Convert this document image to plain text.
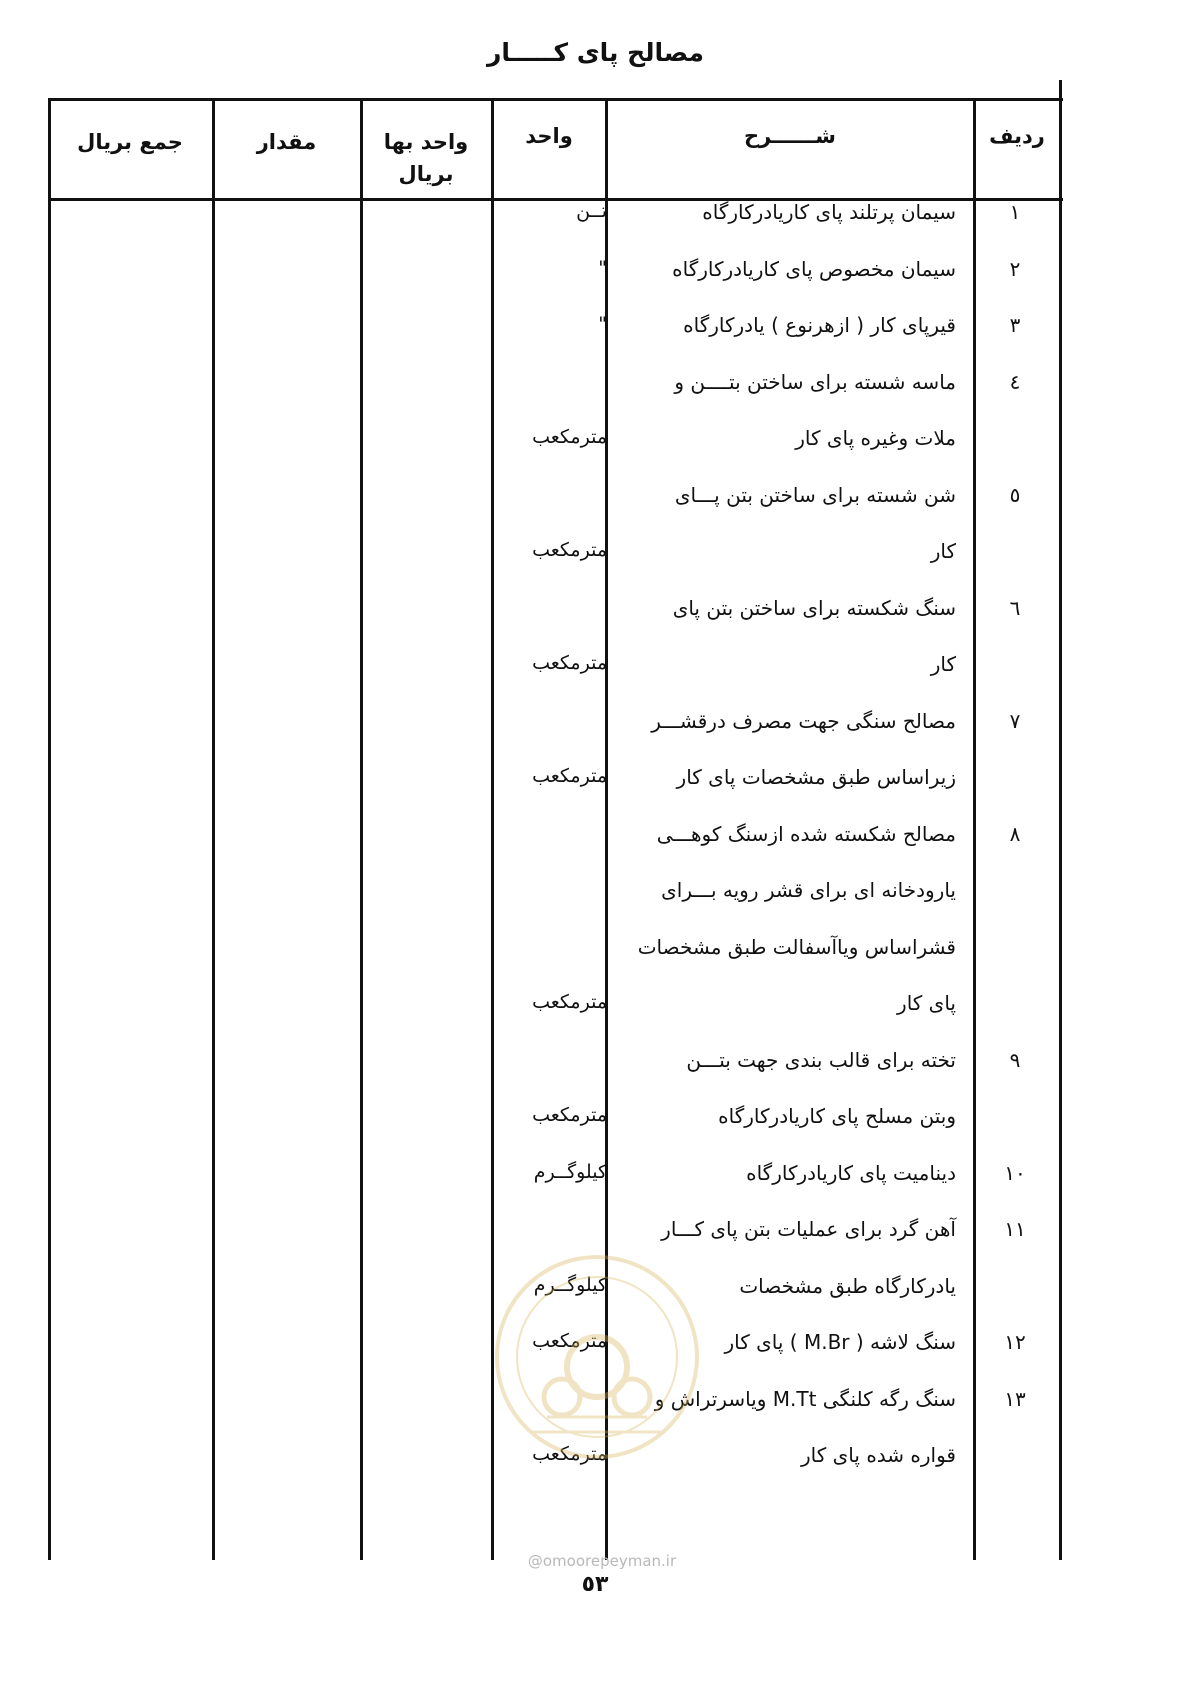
مصالح پای کـــــار
ردیف
شــــــرح
واحد
واحد بها
بریال
مقدار
جمع بریال
۱
سیمان پرتلند پای کاریادرکارگاه
تــن
۲
سیمان مخصوص پای کاریادرکارگاه
"
۳
قیرپای کار ( ازهرنوع ) یادرکارگاه
"
٤
ماسه شسته برای ساختن بتــــن و
ملات وغیره پای کار
مترمکعب
٥
شن شسته برای ساختن بتن پـــای
کار
مترمکعب
٦
سنگ شکسته برای ساختن بتن پای
کار
مترمکعب
۷
مصالح سنگی جهت مصرف درقشـــر
زیراساس طبق مشخصات پای کار
مترمکعب
۸
مصالح شکسته شده ازسنگ کوهـــی
یارودخانه ای برای قشر رویه بـــرای
قشراساس ویاآسفالت طبق مشخصات
پای کار
مترمکعب
۹
تخته برای قالب بندی جهت بتـــن
وبتن مسلح پای کاریادرکارگاه
مترمکعب
۱۰
دینامیت پای کاریادرکارگاه
کیلوگــرم
۱۱
آهن گرد برای عملیات بتن پای کـــار
یادرکارگاه طبق مشخصات
کیلوگــرم
۱۲
سنگ لاشه ( M.Br ) پای کار
مترمکعب
۱۳
سنگ رگه کلنگی M.Tt ویاسرتراش و
قواره شده پای کار
مترمکعب
@omoorepeyman.ir
٥٣
